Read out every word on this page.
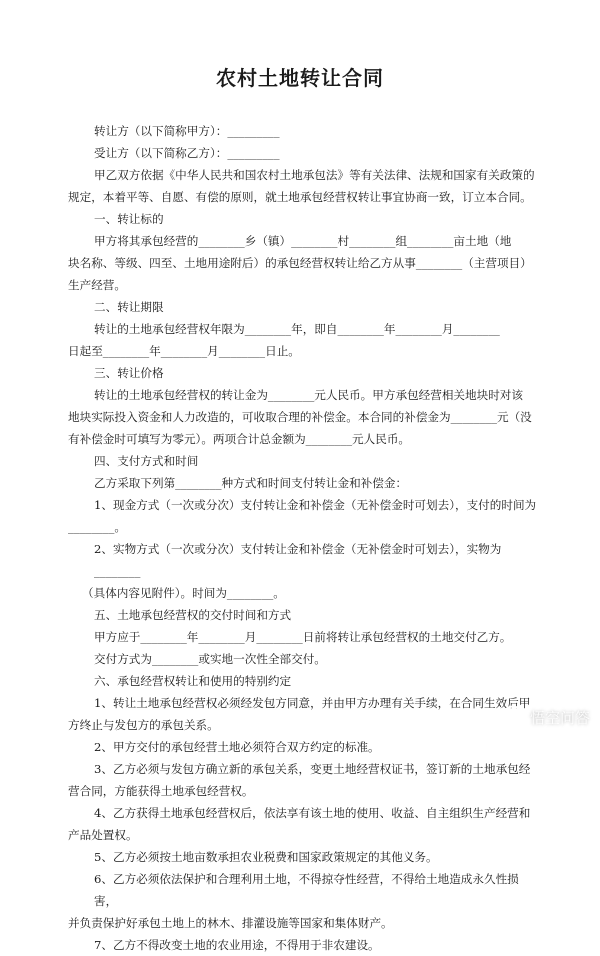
农村土地转让合同

转让方（以下简称甲方）：_________

受让方（以下简称乙方）：_________

甲乙双方依据《中华人民共和国农村土地承包法》等有关法律、法规和国家有关政策的

规定，本着平等、自愿、有偿的原则，就土地承包经营权转让事宜协商一致，订立本合同。

一、转让标的

甲方将其承包经营的________乡（镇）________村________组________亩土地（地

块名称、等级、四至、土地用途附后）的承包经营权转让给乙方从事________（主营项目）

生产经营。

二、转让期限

转让的土地承包经营权年限为________年，即自________年________月________

日起至________年________月________日止。

三、转让价格

转让的土地承包经营权的转让金为________元人民币。甲方承包经营相关地块时对该

地块实际投入资金和人力改造的，可收取合理的补偿金。本合同的补偿金为________元（没

有补偿金时可填写为零元）。两项合计总金额为________元人民币。

四、支付方式和时间

乙方采取下列第________种方式和时间支付转让金和补偿金：

1、现金方式（一次或分次）支付转让金和补偿金（无补偿金时可划去），支付的时间为

________。

2、实物方式（一次或分次）支付转让金和补偿金（无补偿金时可划去），实物为________

（具体内容见附件）。时间为________。

五、土地承包经营权的交付时间和方式

甲方应于________年________月________日前将转让承包经营权的土地交付乙方。

交付方式为________或实地一次性全部交付。

六、承包经营权转让和使用的特别约定

1、转让土地承包经营权必须经发包方同意，并由甲方办理有关手续，在合同生效后甲

方终止与发包方的承包关系。

2、甲方交付的承包经营土地必须符合双方约定的标准。

3、乙方必须与发包方确立新的承包关系，变更土地经营权证书，签订新的土地承包经

营合同，方能获得土地承包经营权。

4、乙方获得土地承包经营权后，依法享有该土地的使用、收益、自主组织生产经营和

产品处置权。

5、乙方必须按土地亩数承担农业税费和国家政策规定的其他义务。

6、乙方必须依法保护和合理利用土地，不得掠夺性经营，不得给土地造成永久性损害，

并负责保护好承包土地上的林木、排灌设施等国家和集体财产。

7、乙方不得改变土地的农业用途，不得用于非农建设。

悟空问答
